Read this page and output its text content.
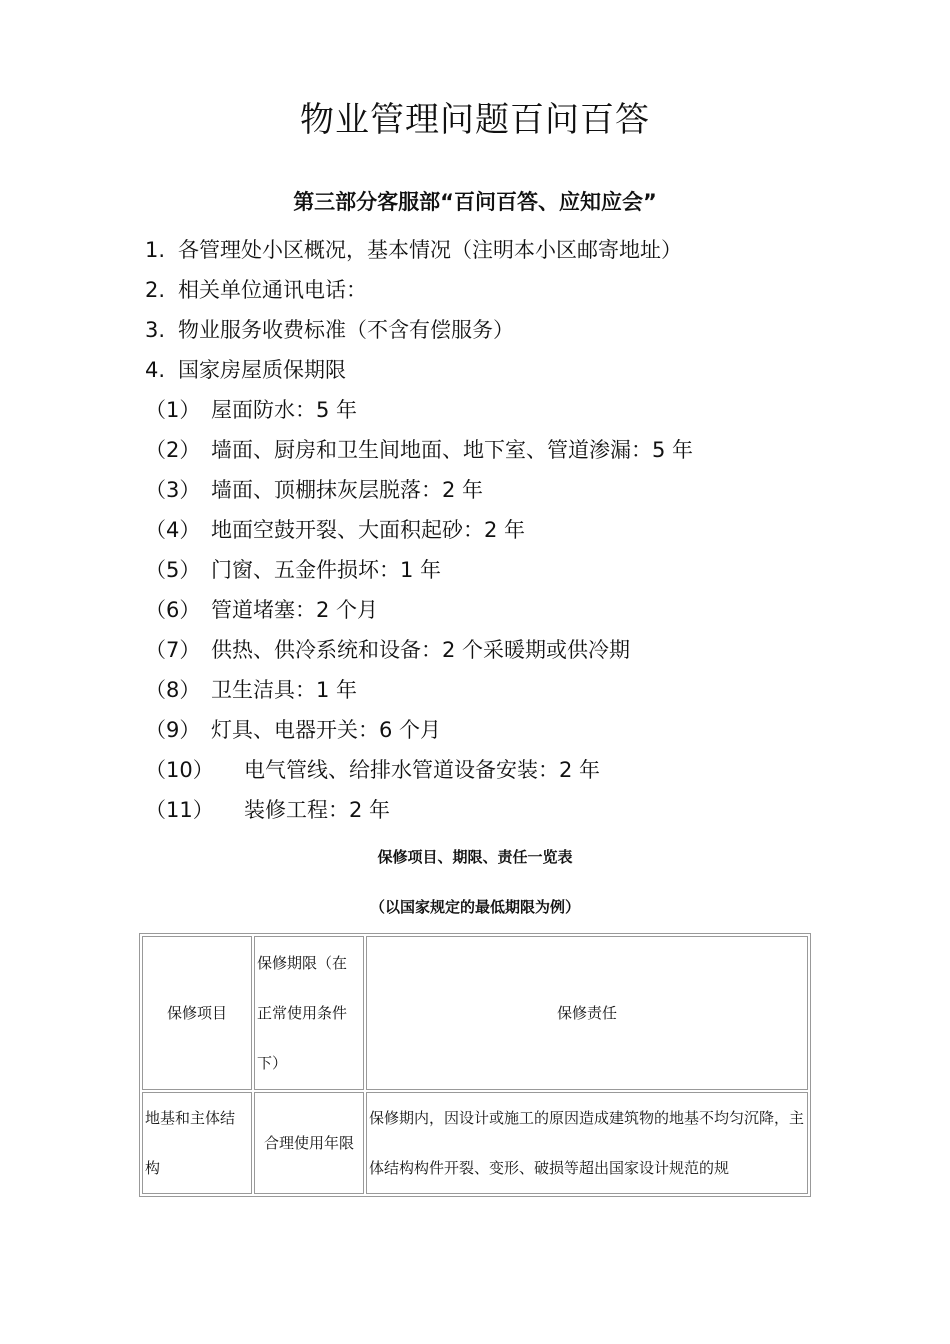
物业管理问题百问百答
第三部分客服部“百问百答、应知应会”
1. 各管理处小区概况，基本情况（注明本小区邮寄地址）
2. 相关单位通讯电话：
3. 物业服务收费标准（不含有偿服务）
4. 国家房屋质保期限
（1） 屋面防水：5 年
（2） 墙面、厨房和卫生间地面、地下室、管道渗漏：5 年
（3） 墙面、顶棚抹灰层脱落：2 年
（4） 地面空鼓开裂、大面积起砂：2 年
（5） 门窗、五金件损坏：1 年
（6） 管道堵塞：2 个月
（7） 供热、供冷系统和设备：2 个采暖期或供冷期
（8） 卫生洁具：1 年
（9） 灯具、电器开关：6 个月
（10）	电气管线、给排水管道设备安装：2 年
（11）	装修工程：2 年
保修项目、期限、责任一览表
（以国家规定的最低期限为例）
保修项目	保修期限（在正常使用条件下）	保修责任
地基和主体结构	合理使用年限	保修期内，因设计或施工的原因造成建筑物的地基不均匀沉降，主体结构构件开裂、变形、破损等超出国家设计规范的规
